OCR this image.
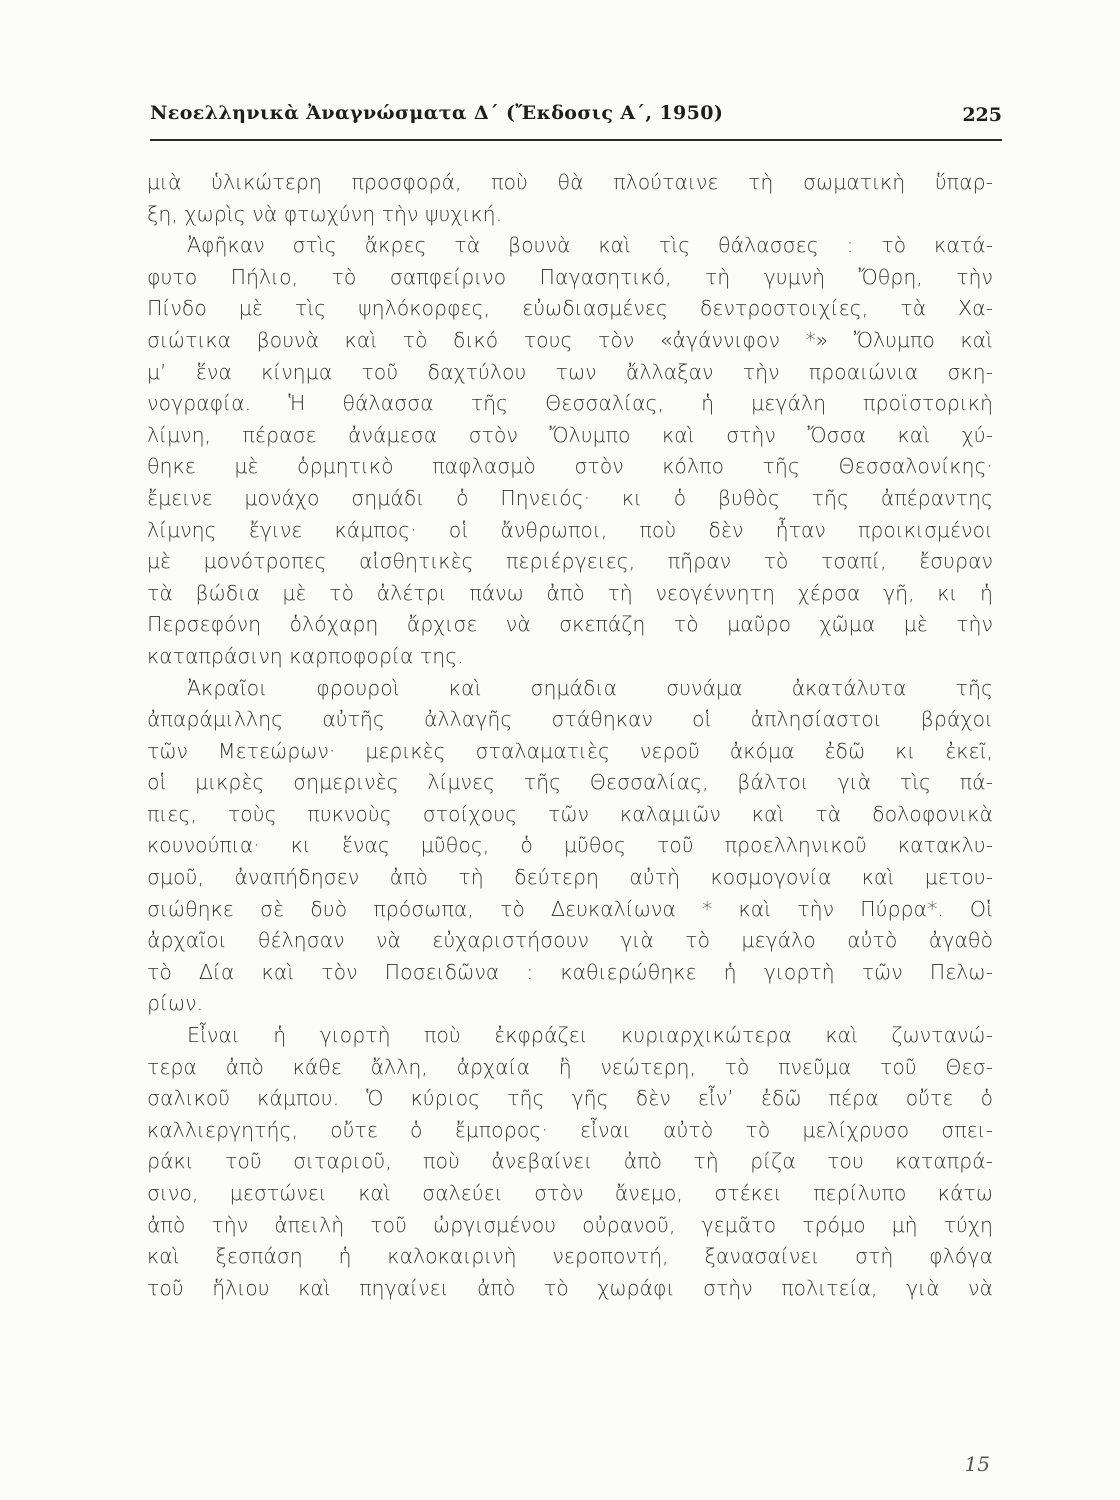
Νεοελληνικὰ Ἀναγνώσματα Δ΄ (Ἔκδοσις Α΄, 1950)	225
μιὰ ὑλικώτερη προσφορά, ποὺ θὰ πλούταινε τὴ σωματικὴ ὕπαρ-
ξη, χωρὶς νὰ φτωχύνη τὴν ψυχική.
Ἀφῆκαν στὶς ἄκρες τὰ βουνὰ καὶ τὶς θάλασσες : τὸ κατά-
φυτο Πήλιο, τὸ σαπφείρινο Παγασητικό, τὴ γυμνὴ Ὄθρη, τὴν
Πίνδο μὲ τὶς ψηλόκορφες, εὐωδιασμένες δεντροστοιχίες, τὰ Χα-
σιώτικα βουνὰ καὶ τὸ δικό τους τὸν «ἀγάννιφον *» Ὄλυμπο καὶ
μ’ ἕνα κίνημα τοῦ δαχτύλου των ἄλλαξαν τὴν προαιώνια σκη-
νογραφία. Ἡ θάλασσα τῆς Θεσσαλίας, ἡ μεγάλη προϊστορικὴ
λίμνη, πέρασε ἀνάμεσα στὸν Ὄλυμπο καὶ στὴν Ὄσσα καὶ χύ-
θηκε μὲ ὁρμητικὸ παφλασμὸ στὸν κόλπο τῆς Θεσσαλονίκης·
ἔμεινε μονάχο σημάδι ὁ Πηνειός· κι ὁ βυθὸς τῆς ἀπέραντης
λίμνης ἔγινε κάμπος· οἱ ἄνθρωποι, ποὺ δὲν ἦταν προικισμένοι
μὲ μονότροπες αἰσθητικὲς περιέργειες, πῆραν τὸ τσαπί, ἔσυραν
τὰ βώδια μὲ τὸ ἀλέτρι πάνω ἀπὸ τὴ νεογέννητη χέρσα γῆ, κι ἡ
Περσεφόνη ὁλόχαρη ἄρχισε νὰ σκεπάζη τὸ μαῦρο χῶμα μὲ τὴν
καταπράσινη καρποφορία της.
Ἀκραῖοι φρουροὶ καὶ σημάδια συνάμα ἀκατάλυτα τῆς
ἀπαράμιλλης αὐτῆς ἀλλαγῆς στάθηκαν οἱ ἀπλησίαστοι βράχοι
τῶν Μετεώρων· μερικὲς σταλαματιὲς νεροῦ ἀκόμα ἐδῶ κι ἐκεῖ,
οἱ μικρὲς σημερινὲς λίμνες τῆς Θεσσαλίας, βάλτοι γιὰ τὶς πά-
πιες, τοὺς πυκνοὺς στοίχους τῶν καλαμιῶν καὶ τὰ δολοφονικὰ
κουνούπια· κι ἕνας μῦθος, ὁ μῦθος τοῦ προελληνικοῦ κατακλυ-
σμοῦ, ἀναπήδησεν ἀπὸ τὴ δεύτερη αὐτὴ κοσμογονία καὶ μετου-
σιώθηκε σὲ δυὸ πρόσωπα, τὸ Δευκαλίωνα * καὶ τὴν Πύρρα*. Οἱ
ἀρχαῖοι θέλησαν νὰ εὐχαριστήσουν γιὰ τὸ μεγάλο αὐτὸ ἀγαθὸ
τὸ Δία καὶ τὸν Ποσειδῶνα : καθιερώθηκε ἡ γιορτὴ τῶν Πελω-
ρίων.
Εἶναι ἡ γιορτὴ ποὺ ἐκφράζει κυριαρχικώτερα καὶ ζωντανώ-
τερα ἀπὸ κάθε ἄλλη, ἀρχαία ἢ νεώτερη, τὸ πνεῦμα τοῦ Θεσ-
σαλικοῦ κάμπου. Ὁ κύριος τῆς γῆς δὲν εἶν’ ἐδῶ πέρα οὔτε ὁ
καλλιεργητής, οὔτε ὁ ἔμπορος· εἶναι αὐτὸ τὸ μελίχρυσο σπει-
ράκι τοῦ σιταριοῦ, ποὺ ἀνεβαίνει ἀπὸ τὴ ρίζα του καταπρά-
σινο, μεστώνει καὶ σαλεύει στὸν ἄνεμο, στέκει περίλυπο κάτω
ἀπὸ τὴν ἀπειλὴ τοῦ ὠργισμένου οὐρανοῦ, γεμᾶτο τρόμο μὴ τύχη
καὶ ξεσπάση ἡ καλοκαιρινὴ νεροποντή, ξανασαίνει στὴ φλόγα
τοῦ ἥλιου καὶ πηγαίνει ἀπὸ τὸ χωράφι στὴν πολιτεία, γιὰ νὰ
15
